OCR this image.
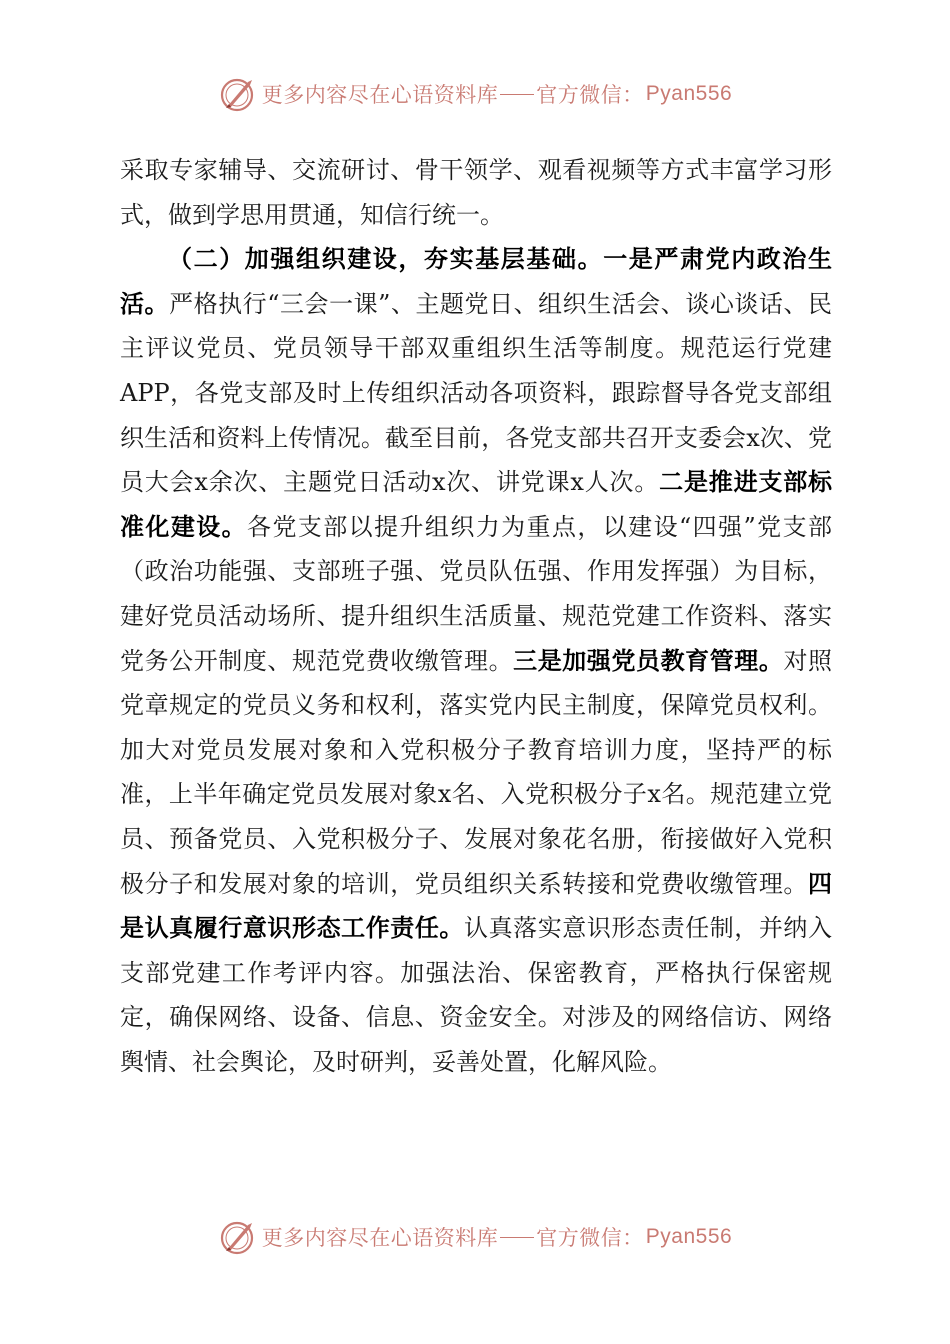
更多内容尽在心语资料库 官方微信： Pyan556

采取专家辅导、交流研讨、骨干领学、观看视频等方式丰富学习形式，做到学思用贯通，知信行统一。

（二）加强组织建设，夯实基层基础。一是严肃党内政治生活。严格执行“三会一课”、主题党日、组织生活会、谈心谈话、民主评议党员、党员领导干部双重组织生活等制度。规范运行党建APP，各党支部及时上传组织活动各项资料，跟踪督导各党支部组织生活和资料上传情况。截至目前，各党支部共召开支委会x次、党员大会x余次、主题党日活动x次、讲党课x人次。二是推进支部标准化建设。各党支部以提升组织力为重点，以建设“四强”党支部（政治功能强、支部班子强、党员队伍强、作用发挥强）为目标，建好党员活动场所、提升组织生活质量、规范党建工作资料、落实党务公开制度、规范党费收缴管理。三是加强党员教育管理。对照党章规定的党员义务和权利，落实党内民主制度，保障党员权利。加大对党员发展对象和入党积极分子教育培训力度，坚持严的标准，上半年确定党员发展对象x名、入党积极分子x名。规范建立党员、预备党员、入党积极分子、发展对象花名册，衔接做好入党积极分子和发展对象的培训，党员组织关系转接和党费收缴管理。四是认真履行意识形态工作责任。认真落实意识形态责任制，并纳入支部党建工作考评内容。加强法治、保密教育，严格执行保密规定，确保网络、设备、信息、资金安全。对涉及的网络信访、网络舆情、社会舆论，及时研判，妥善处置，化解风险。

更多内容尽在心语资料库 官方微信： Pyan556
